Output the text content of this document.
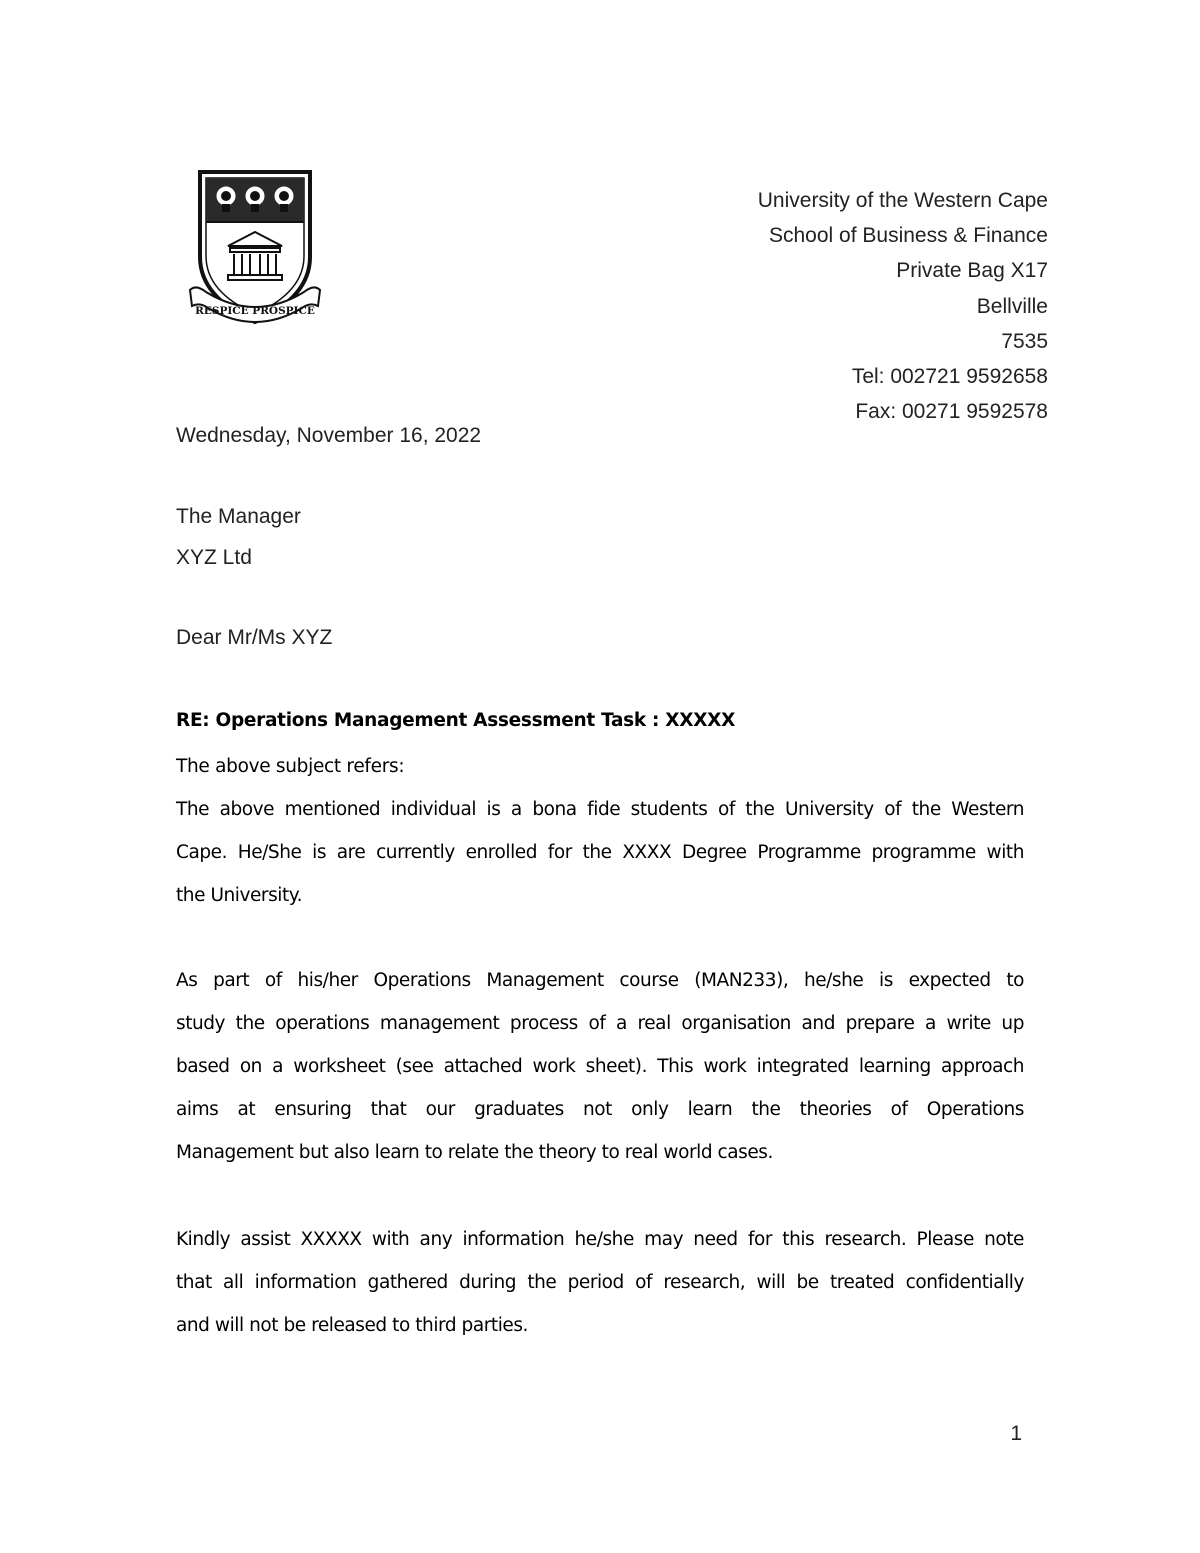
RESPICE PROSPICE
University of the Western Cape
School of Business & Finance
Private Bag X17
Bellville
7535
Tel: 002721 9592658
Fax: 00271 9592578
Wednesday, November 16, 2022
The Manager
XYZ Ltd
Dear Mr/Ms XYZ
RE: Operations Management Assessment Task : XXXXX
The above subject refers:
The above mentioned individual is a bona fide students of the University of the Western
Cape. He/She is are currently enrolled for the XXXX Degree Programme programme with
the University.
As part of his/her Operations Management course (MAN233), he/she is expected to
study the operations management process of a real organisation and prepare a write up
based on a worksheet (see attached work sheet). This work integrated learning approach
aims at ensuring that our graduates not only learn the theories of Operations
Management but also learn to relate the theory to real world cases.
Kindly assist XXXXX with any information he/she may need for this research. Please note
that all information gathered during the period of research, will be treated confidentially
and will not be released to third parties.
1
